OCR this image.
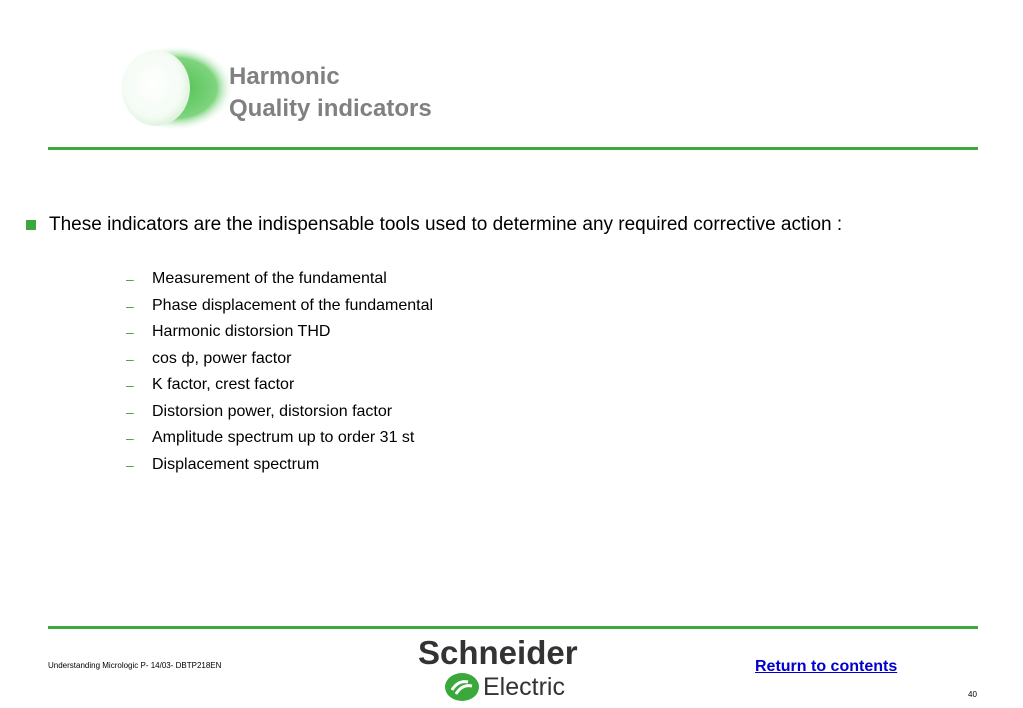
Harmonic
Quality indicators
These indicators are the indispensable tools used to determine any required corrective action :
–	Measurement of the fundamental
–	Phase displacement of the fundamental
–	Harmonic distorsion THD
–	cos ф, power factor
–	K factor, crest factor
–	Distorsion power, distorsion factor
–	Amplitude spectrum up to order 31 st
–	Displacement spectrum
Understanding Micrologic P- 14/03- DBTP218EN	Schneider
Electric
Return to contents
40
